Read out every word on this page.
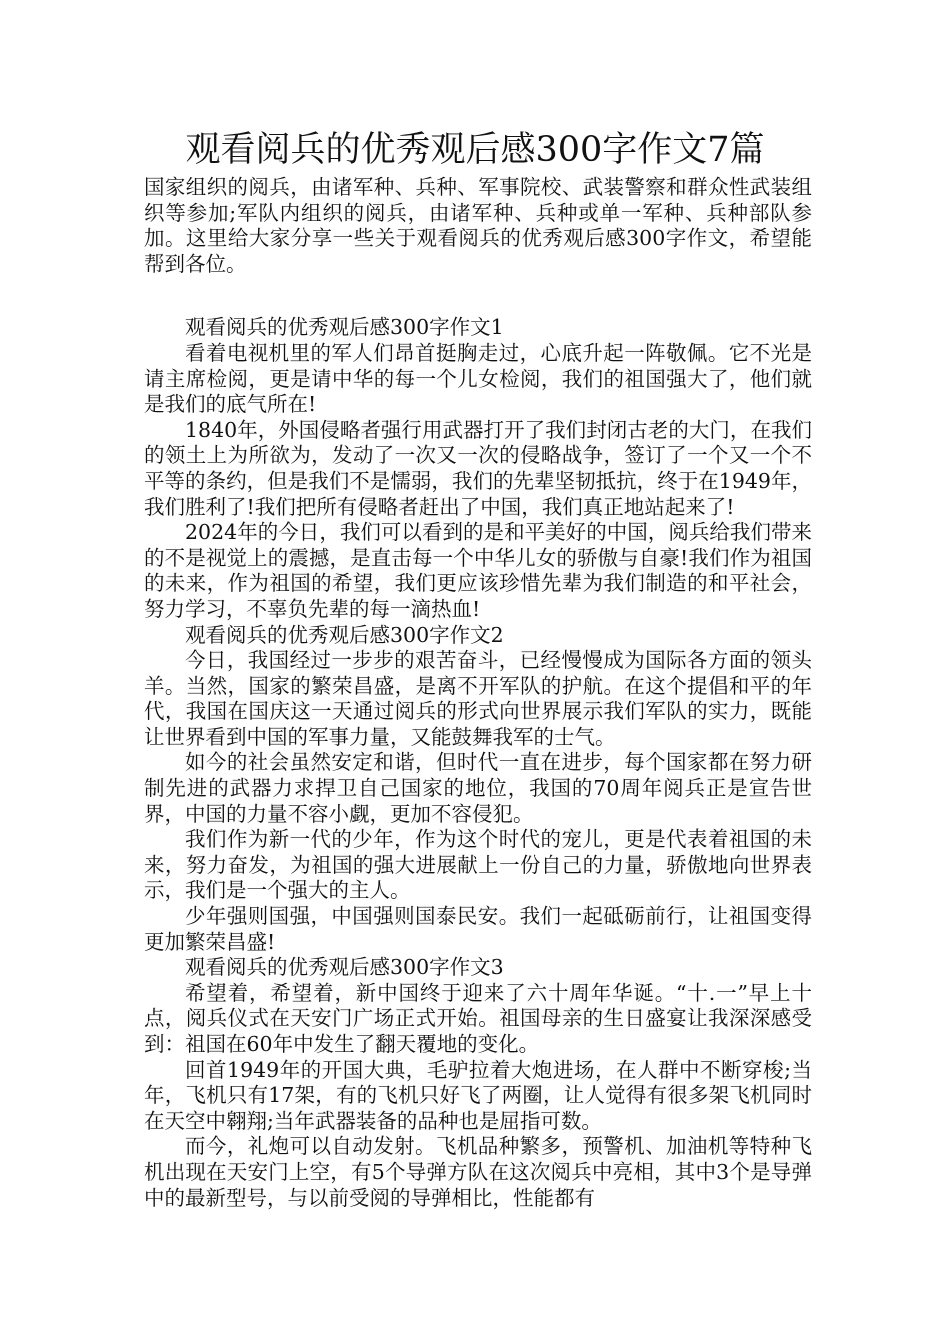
观看阅兵的优秀观后感300字作文7篇

国家组织的阅兵，由诸军种、兵种、军事院校、武装警察和群众性武装组织等参加;军队内组织的阅兵，由诸军种、兵种或单一军种、兵种部队参加。这里给大家分享一些关于观看阅兵的优秀观后感300字作文，希望能帮到各位。

观看阅兵的优秀观后感300字作文1

看着电视机里的军人们昂首挺胸走过，心底升起一阵敬佩。它不光是请主席检阅，更是请中华的每一个儿女检阅，我们的祖国强大了，他们就是我们的底气所在!

1840年，外国侵略者强行用武器打开了我们封闭古老的大门，在我们的领土上为所欲为，发动了一次又一次的侵略战争，签订了一个又一个不平等的条约，但是我们不是懦弱，我们的先辈坚韧抵抗，终于在1949年，我们胜利了!我们把所有侵略者赶出了中国，我们真正地站起来了!

2024年的今日，我们可以看到的是和平美好的中国，阅兵给我们带来的不是视觉上的震撼，是直击每一个中华儿女的骄傲与自豪!我们作为祖国的未来，作为祖国的希望，我们更应该珍惜先辈为我们制造的和平社会，努力学习，不辜负先辈的每一滴热血!

观看阅兵的优秀观后感300字作文2

今日，我国经过一步步的艰苦奋斗，已经慢慢成为国际各方面的领头羊。当然，国家的繁荣昌盛，是离不开军队的护航。在这个提倡和平的年代，我国在国庆这一天通过阅兵的形式向世界展示我们军队的实力，既能让世界看到中国的军事力量，又能鼓舞我军的士气。

如今的社会虽然安定和谐，但时代一直在进步，每个国家都在努力研制先进的武器力求捍卫自己国家的地位，我国的70周年阅兵正是宣告世界，中国的力量不容小觑，更加不容侵犯。

我们作为新一代的少年，作为这个时代的宠儿，更是代表着祖国的未来，努力奋发，为祖国的强大进展献上一份自己的力量，骄傲地向世界表示，我们是一个强大的主人。

少年强则国强，中国强则国泰民安。我们一起砥砺前行，让祖国变得更加繁荣昌盛!

观看阅兵的优秀观后感300字作文3

希望着，希望着，新中国终于迎来了六十周年华诞。“十.一”早上十点，阅兵仪式在天安门广场正式开始。祖国母亲的生日盛宴让我深深感受到：祖国在60年中发生了翻天覆地的变化。

回首1949年的开国大典，毛驴拉着大炮进场，在人群中不断穿梭;当年，飞机只有17架，有的飞机只好飞了两圈，让人觉得有很多架飞机同时在天空中翱翔;当年武器装备的品种也是屈指可数。

而今，礼炮可以自动发射。飞机品种繁多，预警机、加油机等特种飞机出现在天安门上空，有5个导弹方队在这次阅兵中亮相，其中3个是导弹中的最新型号，与以前受阅的导弹相比，性能都有
